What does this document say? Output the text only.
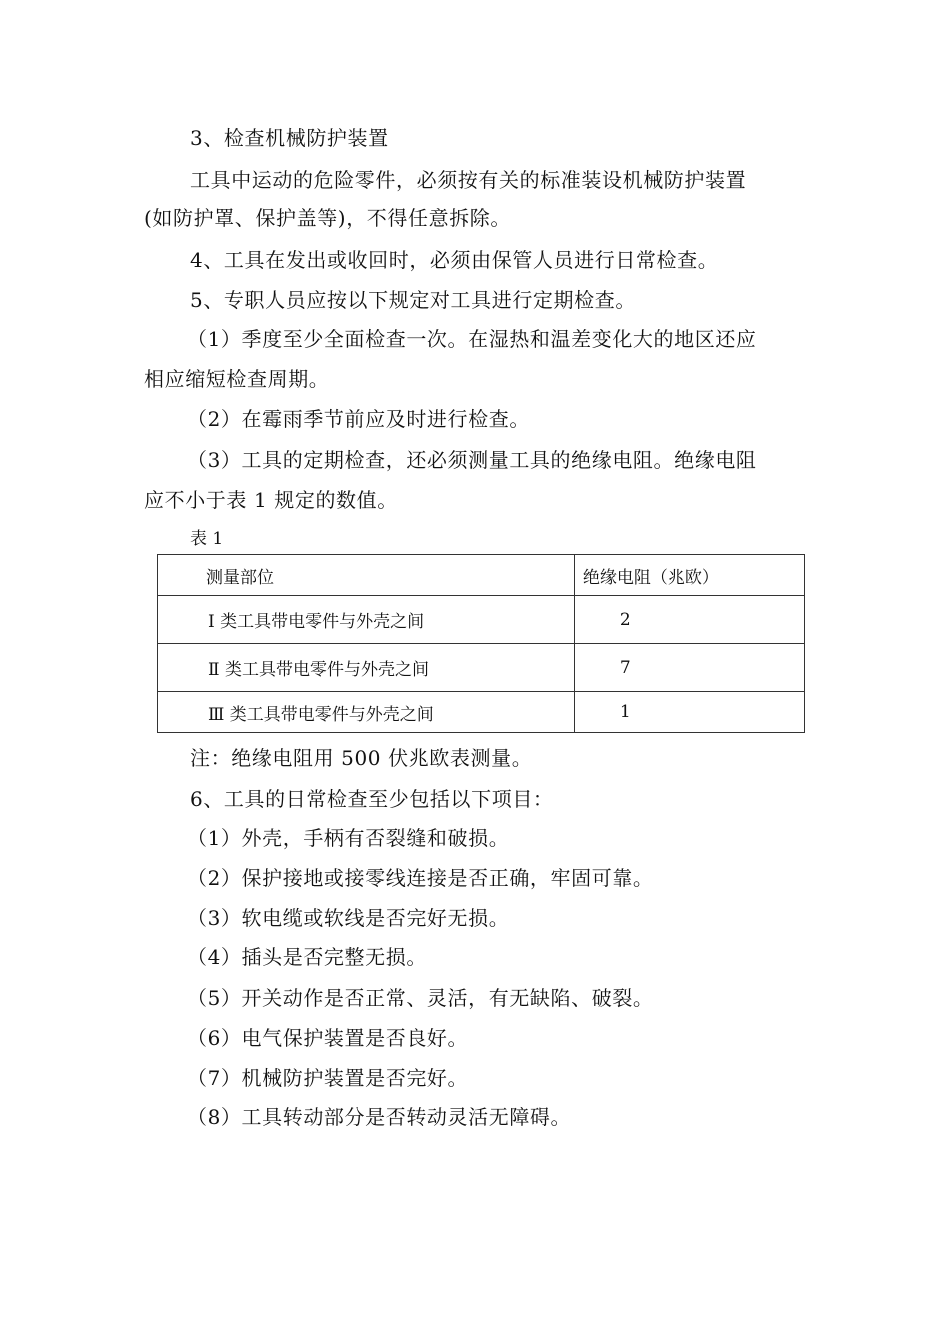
3、检查机械防护装置
工具中运动的危险零件，必须按有关的标准装设机械防护装置
(如防护罩、保护盖等)，不得任意拆除。
4、工具在发出或收回时，必须由保管人员进行日常检查。
5、专职人员应按以下规定对工具进行定期检查。
（1）季度至少全面检查一次。在湿热和温差变化大的地区还应
相应缩短检查周期。
（2）在霉雨季节前应及时进行检查。
（3）工具的定期检查，还必须测量工具的绝缘电阻。绝缘电阻
应不小于表 1 规定的数值。
表 1
测量部位	绝缘电阻（兆欧）
Ⅰ 类工具带电零件与外壳之间	2
Ⅱ 类工具带电零件与外壳之间	7
Ⅲ 类工具带电零件与外壳之间	1
注：绝缘电阻用 500 伏兆欧表测量。
6、工具的日常检查至少包括以下项目：
（1）外壳，手柄有否裂缝和破损。
（2）保护接地或接零线连接是否正确，牢固可靠。
（3）软电缆或软线是否完好无损。
（4）插头是否完整无损。
（5）开关动作是否正常、灵活，有无缺陷、破裂。
（6）电气保护装置是否良好。
（7）机械防护装置是否完好。
（8）工具转动部分是否转动灵活无障碍。
